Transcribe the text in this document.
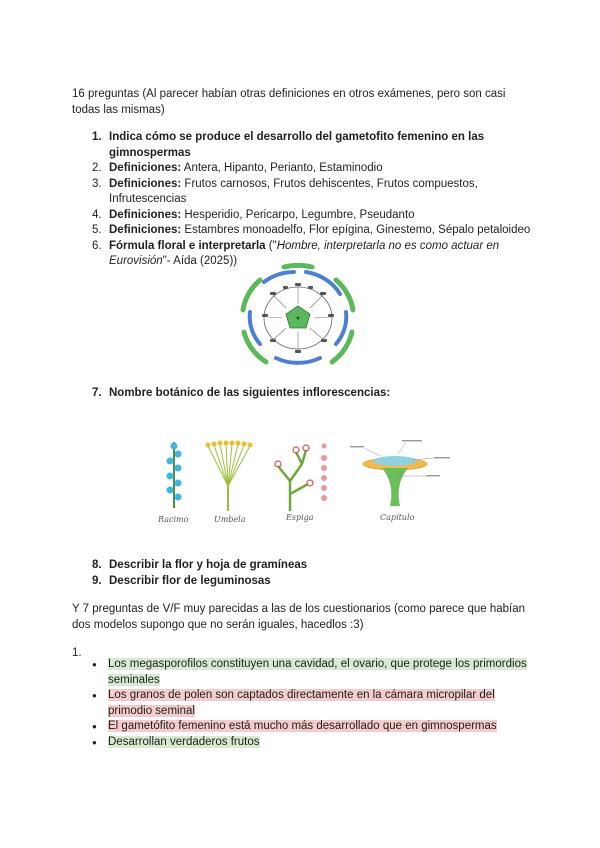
16 preguntas (Al parecer habían otras definiciones en otros exámenes, pero son casi todas las mismas)
1. Indica cómo se produce el desarrollo del gametofito femenino en las gimnospermas
2. Definiciones: Antera, Hipanto, Perianto, Estaminodio
3. Definiciones: Frutos carnosos, Frutos dehiscentes, Frutos compuestos, Infrutescencias
4. Definiciones: Hesperidio, Pericarpo, Legumbre, Pseudanto
5. Definiciones: Estambres monoadelfo, Flor epígina, Ginestemo, Sépalo petaloideo
6. Fórmula floral e interpretarla ("Hombre, interpretarla no es como actuar en Eurovisión"- Aída (2025))
7. Nombre botánico de las siguientes inflorescencias:
Racimo	Umbela	Espiga	Capítulo
8. Describir la flor y hoja de gramíneas
9. Describir flor de leguminosas
Y 7 preguntas de V/F muy parecidas a las de los cuestionarios (como parece que habían dos modelos supongo que no serán iguales, hacedlos :3)
1.
● Los megasporofilos constituyen una cavidad, el ovario, que protege los primordios seminales
● Los granos de polen son captados directamente en la cámara micropilar del primodio seminal
● El gametófito femenino está mucho más desarrollado que en gimnospermas
● Desarrollan verdaderos frutos
